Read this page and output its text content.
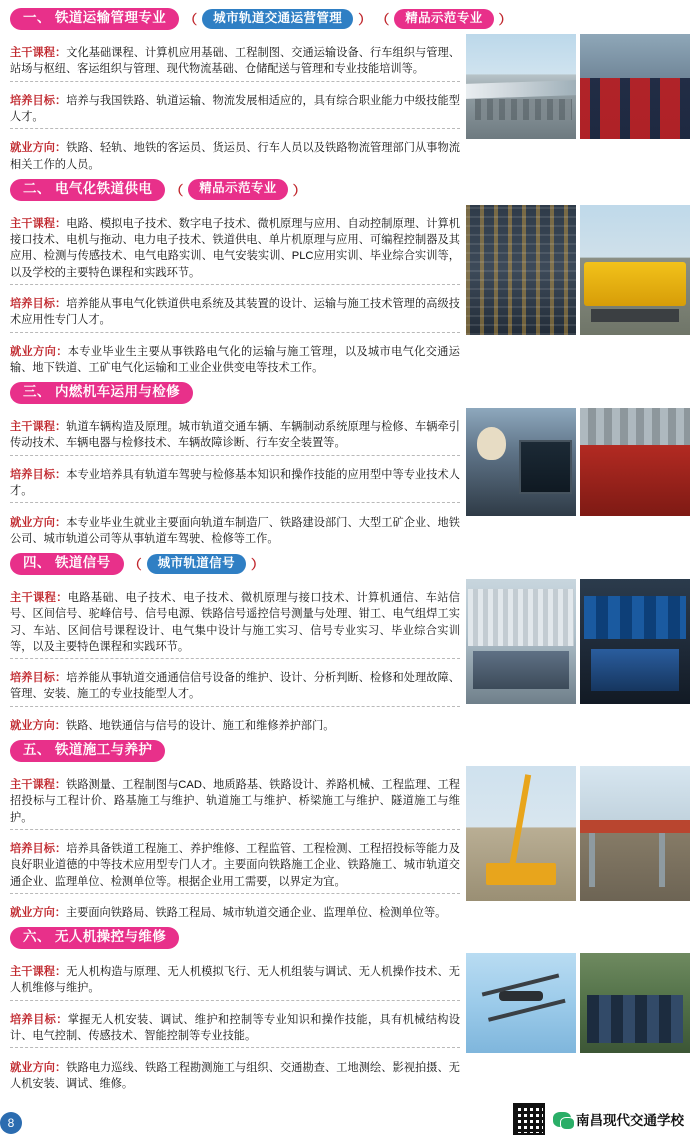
一、 铁道运输管理专业	（	城市轨道交通运营管理	） （	精品示范专业	）

主干课程：文化基础课程、计算机应用基础、工程制图、交通运输设备、行车组织与管理、站场与枢纽、客运组织与管理、现代物流基础、仓储配送与管理和专业技能培训等。

培养目标：培养与我国铁路、轨道运输、物流发展相适应的，具有综合职业能力中级技能型人才。

就业方向：铁路、轻轨、地铁的客运员、货运员、行车人员以及铁路物流管理部门从事物流相关工作的人员。

二、 电气化铁道供电	（	精品示范专业	）

主干课程：电路、模拟电子技术、数字电子技术、微机原理与应用、自动控制原理、计算机接口技术、电机与拖动、电力电子技术、铁道供电、单片机原理与应用、可编程控制器及其应用、检测与传感技术、电气电路实训、电气安装实训、PLC应用实训、毕业综合实训等，以及学校的主要特色课程和实践环节。

培养目标：培养能从事电气化铁道供电系统及其装置的设计、运输与施工技术管理的高级技术应用性专门人才。

就业方向：本专业毕业生主要从事铁路电气化的运输与施工管理，以及城市电气化交通运输、地下铁道、工矿电气化运输和工业企业供变电等技术工作。

三、 内燃机车运用与检修

主干课程：轨道车辆构造及原理。城市轨道交通车辆、车辆制动系统原理与检修、车辆牵引传动技术、车辆电器与检修技术、车辆故障诊断、行车安全装置等。

培养目标：本专业培养具有轨道车驾驶与检修基本知识和操作技能的应用型中等专业技术人才。

就业方向：本专业毕业生就业主要面向轨道车制造厂、铁路建设部门、大型工矿企业、地铁公司、城市轨道公司等从事轨道车驾驶、检修等工作。

四、 铁道信号	（	城市轨道信号	）

主干课程：电路基础、电子技术、电子技术、微机原理与接口技术、计算机通信、车站信号、区间信号、驼峰信号、信号电源、铁路信号遥控信号测量与处理、钳工、电气组焊工实习、车站、区间信号课程设计、电气集中设计与施工实习、信号专业实习、毕业综合实训等，以及主要特色课程和实践环节。

培养目标：培养能从事轨道交通通信信号设备的维护、设计、分析判断、检修和处理故障、管理、安装、施工的专业技能型人才。

就业方向：铁路、地铁通信与信号的设计、施工和维修养护部门。

五、 铁道施工与养护

主干课程：铁路测量、工程制图与CAD、地质路基、铁路设计、养路机械、工程监理、工程招投标与工程计价、路基施工与维护、轨道施工与维护、桥梁施工与维护、隧道施工与维护。

培养目标：培养具备铁道工程施工、养护维修、工程监管、工程检测、工程招投标等能力及良好职业道德的中等技术应用型专门人才。主要面向铁路施工企业、铁路施工、城市轨道交通企业、监理单位、检测单位等。根据企业用工需要，以界定为宜。

就业方向：主要面向铁路局、铁路工程局、城市轨道交通企业、监理单位、检测单位等。

六、 无人机操控与维修

主干课程：无人机构造与原理、无人机模拟飞行、无人机组装与调试、无人机操作技术、无人机维修与维护。

培养目标：掌握无人机安装、调试、维护和控制等专业知识和操作技能，具有机械结构设计、电气控制、传感技术、智能控制等专业技能。

就业方向：铁路电力巡线、铁路工程勘测施工与组织、交通勘查、工地测绘、影视拍摄、无人机安装、调试、维修。

8	南昌现代交通学校
